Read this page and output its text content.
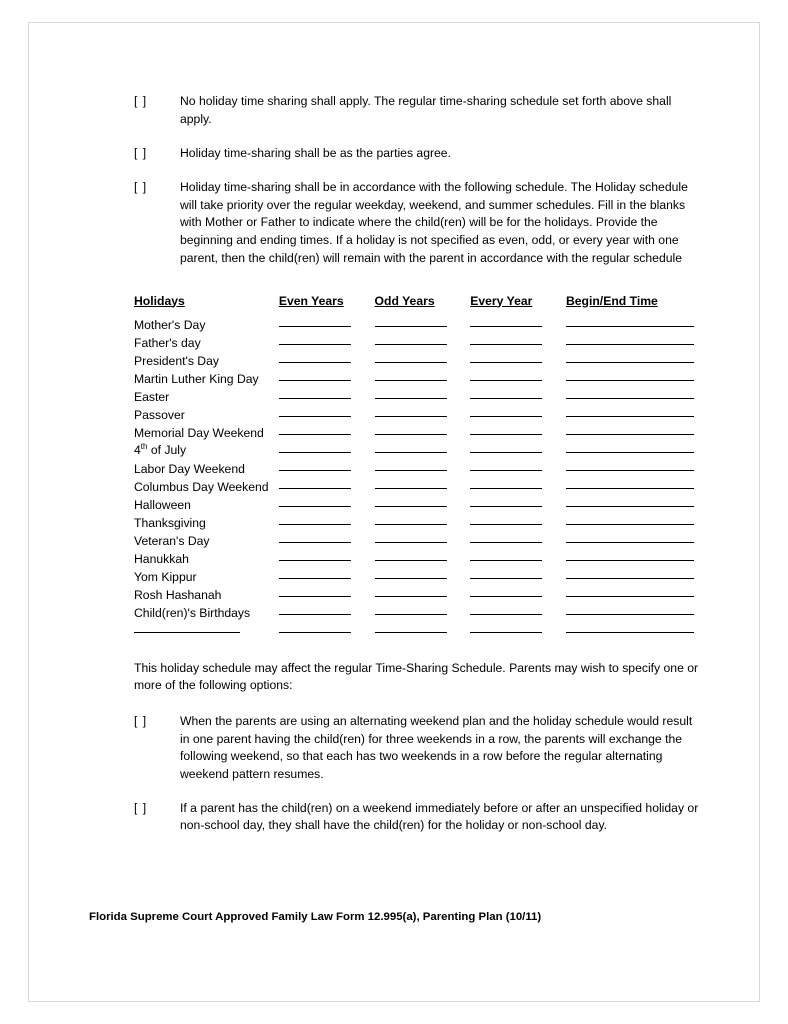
[ ]	No holiday time sharing shall apply. The regular time-sharing schedule set forth above shall apply.
[ ]	Holiday time-sharing shall be as the parties agree.
[ ]	Holiday time-sharing shall be in accordance with the following schedule. The Holiday schedule will take priority over the regular weekday, weekend, and summer schedules. Fill in the blanks with Mother or Father to indicate where the child(ren) will be for the holidays. Provide the beginning and ending times. If a holiday is not specified as even, odd, or every year with one parent, then the child(ren) will remain with the parent in accordance with the regular schedule
Holidays	Even Years	Odd Years	Every Year	Begin/End Time
Mother's Day				
Father's day				
President's Day				
Martin Luther King Day				
Easter				
Passover				
Memorial Day Weekend				
4th of July				
Labor Day Weekend				
Columbus Day Weekend				
Halloween				
Thanksgiving				
Veteran's Day				
Hanukkah				
Yom Kippur				
Rosh Hashanah				
Child(ren)'s Birthdays				

This holiday schedule may affect the regular Time-Sharing Schedule. Parents may wish to specify one or more of the following options:
[ ]	When the parents are using an alternating weekend plan and the holiday schedule would result in one parent having the child(ren) for three weekends in a row, the parents will exchange the following weekend, so that each has two weekends in a row before the regular alternating weekend pattern resumes.
[ ]	If a parent has the child(ren) on a weekend immediately before or after an unspecified holiday or non-school day, they shall have the child(ren) for the holiday or non-school day.
Florida Supreme Court Approved Family Law Form 12.995(a), Parenting Plan (10/11)
